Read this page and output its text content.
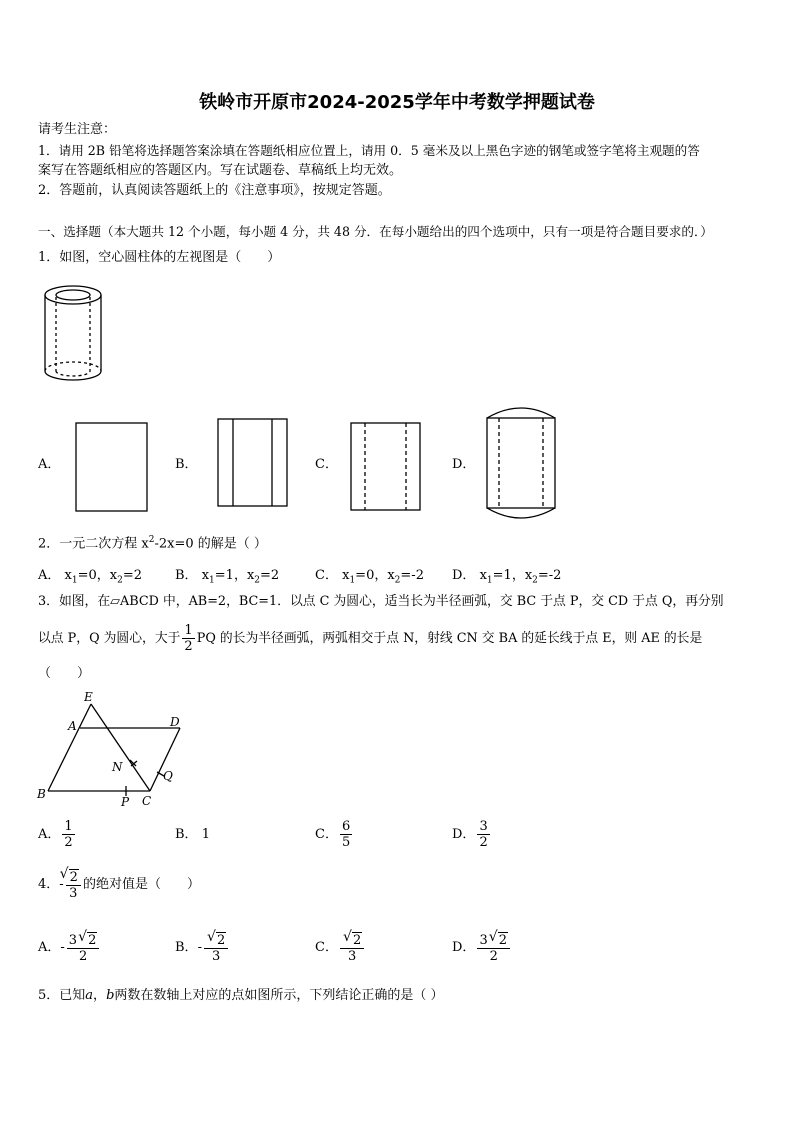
铁岭市开原市2024-2025学年中考数学押题试卷
请考生注意：
1．请用 2B 铅笔将选择题答案涂填在答题纸相应位置上，请用 0．5 毫米及以上黑色字迹的钢笔或签字笔将主观题的答
案写在答题纸相应的答题区内。写在试题卷、草稿纸上均无效。
2．答题前，认真阅读答题纸上的《注意事项》，按规定答题。
一、选择题（本大题共 12 个小题，每小题 4 分，共 48 分．在每小题给出的四个选项中，只有一项是符合题目要求的．）
1．如图，空心圆柱体的左视图是（　　）
A．	B．	C．	D．
2．一元二次方程 $x^2-2x=0$ 的解是（ ）
A． $x_1=0$，$x_2=2$	B． $x_1=1$，$x_2=2$	C． $x_1=0$，$x_2=-2$ D． $x_1=1$，$x_2=-2$
3．如图，在▱ABCD 中，AB=2，BC=1．以点 C 为圆心，适当长为半径画弧，交 BC 于点 P，交 CD 于点 Q，再分别
以点 P，Q 为圆心，大于 $\frac{1}{2}$ PQ 的长为半径画弧，两弧相交于点 N，射线 CN 交 BA 的延长线于点 E，则 AE 的长是
（　　）
E
A	D
N
Q
B
P C
A． $\frac{1}{2}$	B． 1	C． $\frac{6}{5}$	D． $\frac{3}{2}$
4．- √ $\frac{2}{3}$ 的绝对值是（　　）
A．- $\frac{3 √ 2}{2}$	B．- √ $\frac{2}{3}$	C． √ $\frac{2}{3}$	D． $\frac{3 √ 2}{2}$
5．已知a，b两数在数轴上对应的点如图所示，下列结论正确的是（ ）
